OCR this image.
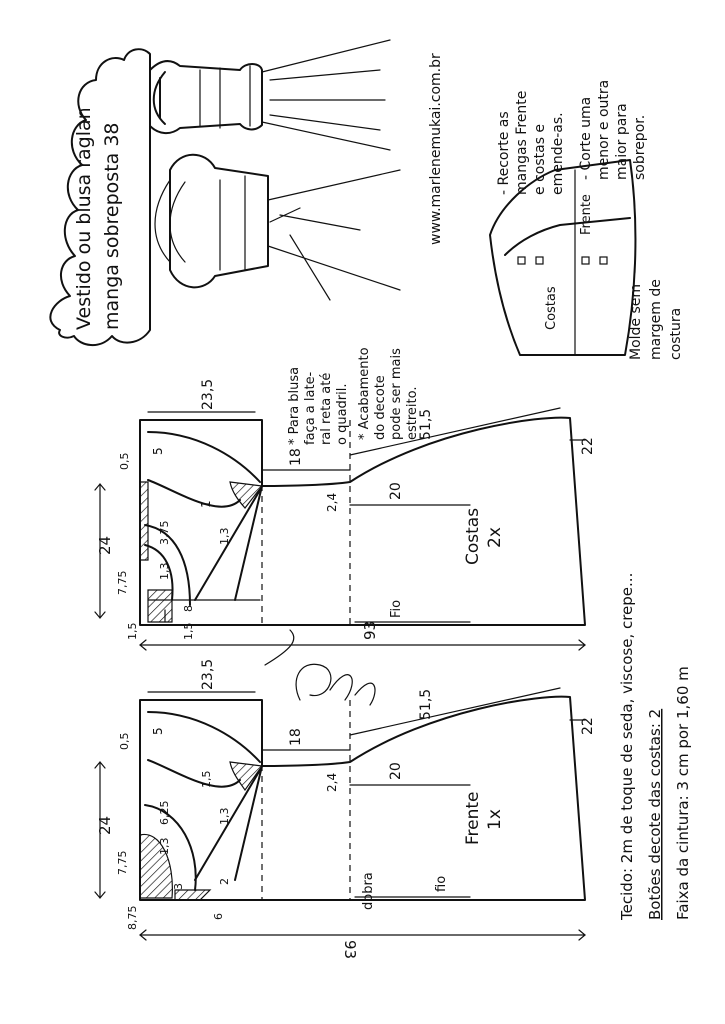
Vestido ou blusa raglan manga sobreposta 38	www.marlenemukai.com.br	Frente
Costas
- Recorte as mangas Frente e costas e emende-as. - Corte uma menor e outra maior para sobrepor.
Molde sem margem de costura
* Para blusa faça a late- ral reta até o quadril. * Acabamento do decote pode ser mais estreito.
24
93
23,5
18
20
51,5
22
0,5
5
2,4
1
3,75
7,75
1,3
1,3
8
1,5	1,5
Costas 2x
Fio
24
93
23,5
18
20
51,5
22
0,5
5
2,4
1,5
6,25
7,75
1,3
1,3
8,75
3
2
6
Frente 1x
dobra	fio	Tecido: 2m de toque de seda, viscose, crepe... Botões decote das costas: 2 Faixa da cintura: 3 cm por 1,60 m
